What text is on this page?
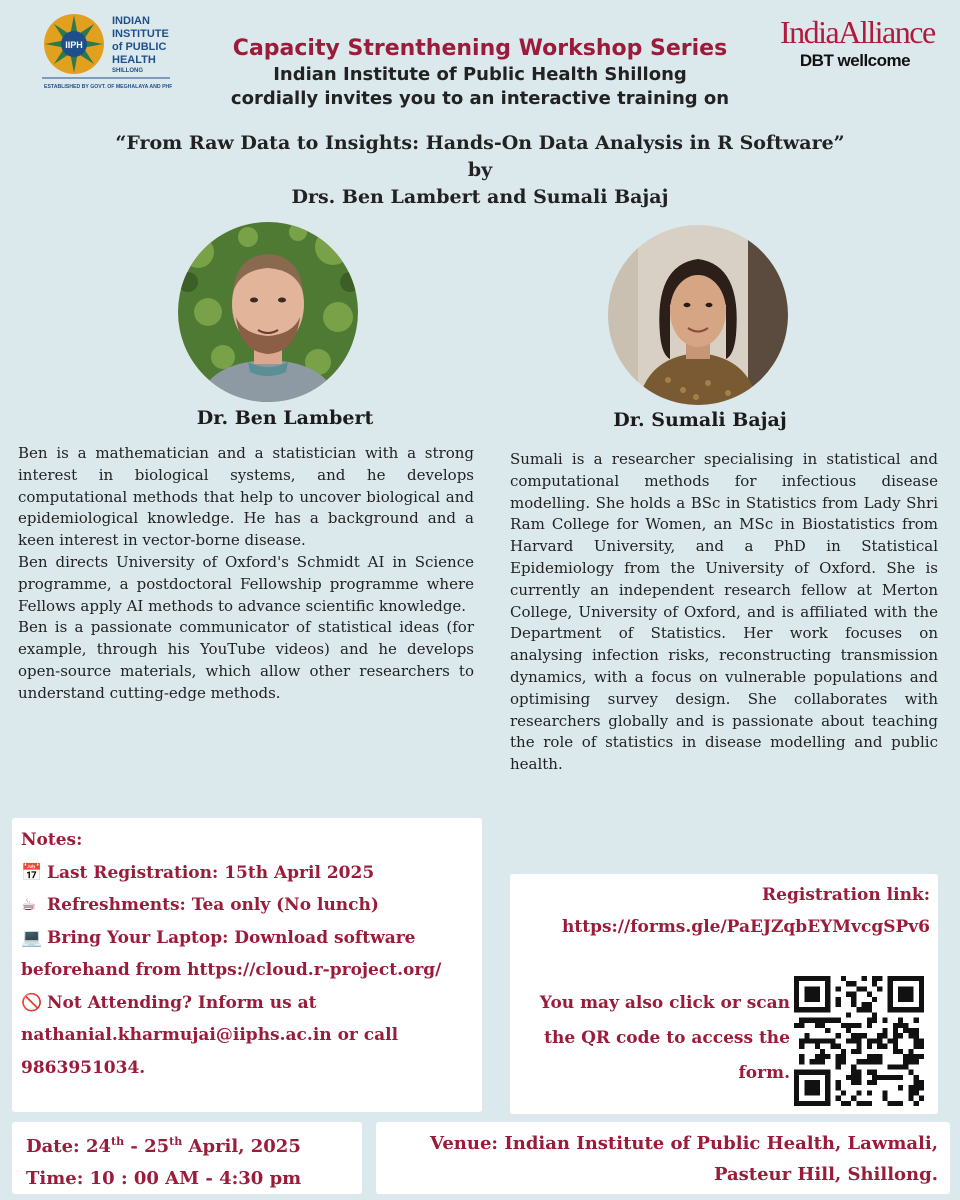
IIPH
INDIAN
INSTITUTE
of PUBLIC
HEALTH
SHILLONG
ESTABLISHED BY GOVT. OF MEGHALAYA AND PHFI
IndiaAlliance
DBT wellcome
Capacity Strenthening Workshop Series
Indian Institute of Public Health Shillong
cordially invites you to an interactive training on
“From Raw Data to Insights: Hands-On Data Analysis in R Software”
by
Drs. Ben Lambert and Sumali Bajaj
Dr. Ben Lambert	Dr. Sumali Bajaj

Ben is a mathematician and a statistician with a strong interest in biological systems, and he develops computational methods that help to uncover biological and epidemiological knowledge. He has a background and a keen interest in vector-borne disease.

Ben directs University of Oxford's Schmidt AI in Science programme, a postdoctoral Fellowship programme where Fellows apply AI methods to advance scientific knowledge.

Ben is a passionate communicator of statistical ideas (for example, through his YouTube videos) and he develops open-source materials, which allow other researchers to understand cutting-edge methods.

Sumali is a researcher specialising in statistical and computational methods for infectious disease modelling. She holds a BSc in Statistics from Lady Shri Ram College for Women, an MSc in Biostatistics from Harvard University, and a PhD in Statistical Epidemiology from the University of Oxford. She is currently an independent research fellow at Merton College, University of Oxford, and is affiliated with the Department of Statistics. Her work focuses on analysing infection risks, reconstructing transmission dynamics, with a focus on vulnerable populations and optimising survey design. She collaborates with researchers globally and is passionate about teaching the role of statistics in disease modelling and public health.

Notes:
📅 Last Registration: 15th April 2025
☕ Refreshments: Tea only (No lunch)
💻 Bring Your Laptop: Download software beforehand from https://cloud.r-project.org/
🚫 Not Attending? Inform us at nathanial.kharmujai@iiphs.ac.in or call 9863951034.
Registration link:
https://forms.gle/PaEJZqbEYMvcgSPv6
You may also click or scan the QR code to access the form.
Date: 24th - 25th April, 2025
Time: 10 : 00 AM - 4:30 pm
Venue: Indian Institute of Public Health, Lawmali,
Pasteur Hill, Shillong.
